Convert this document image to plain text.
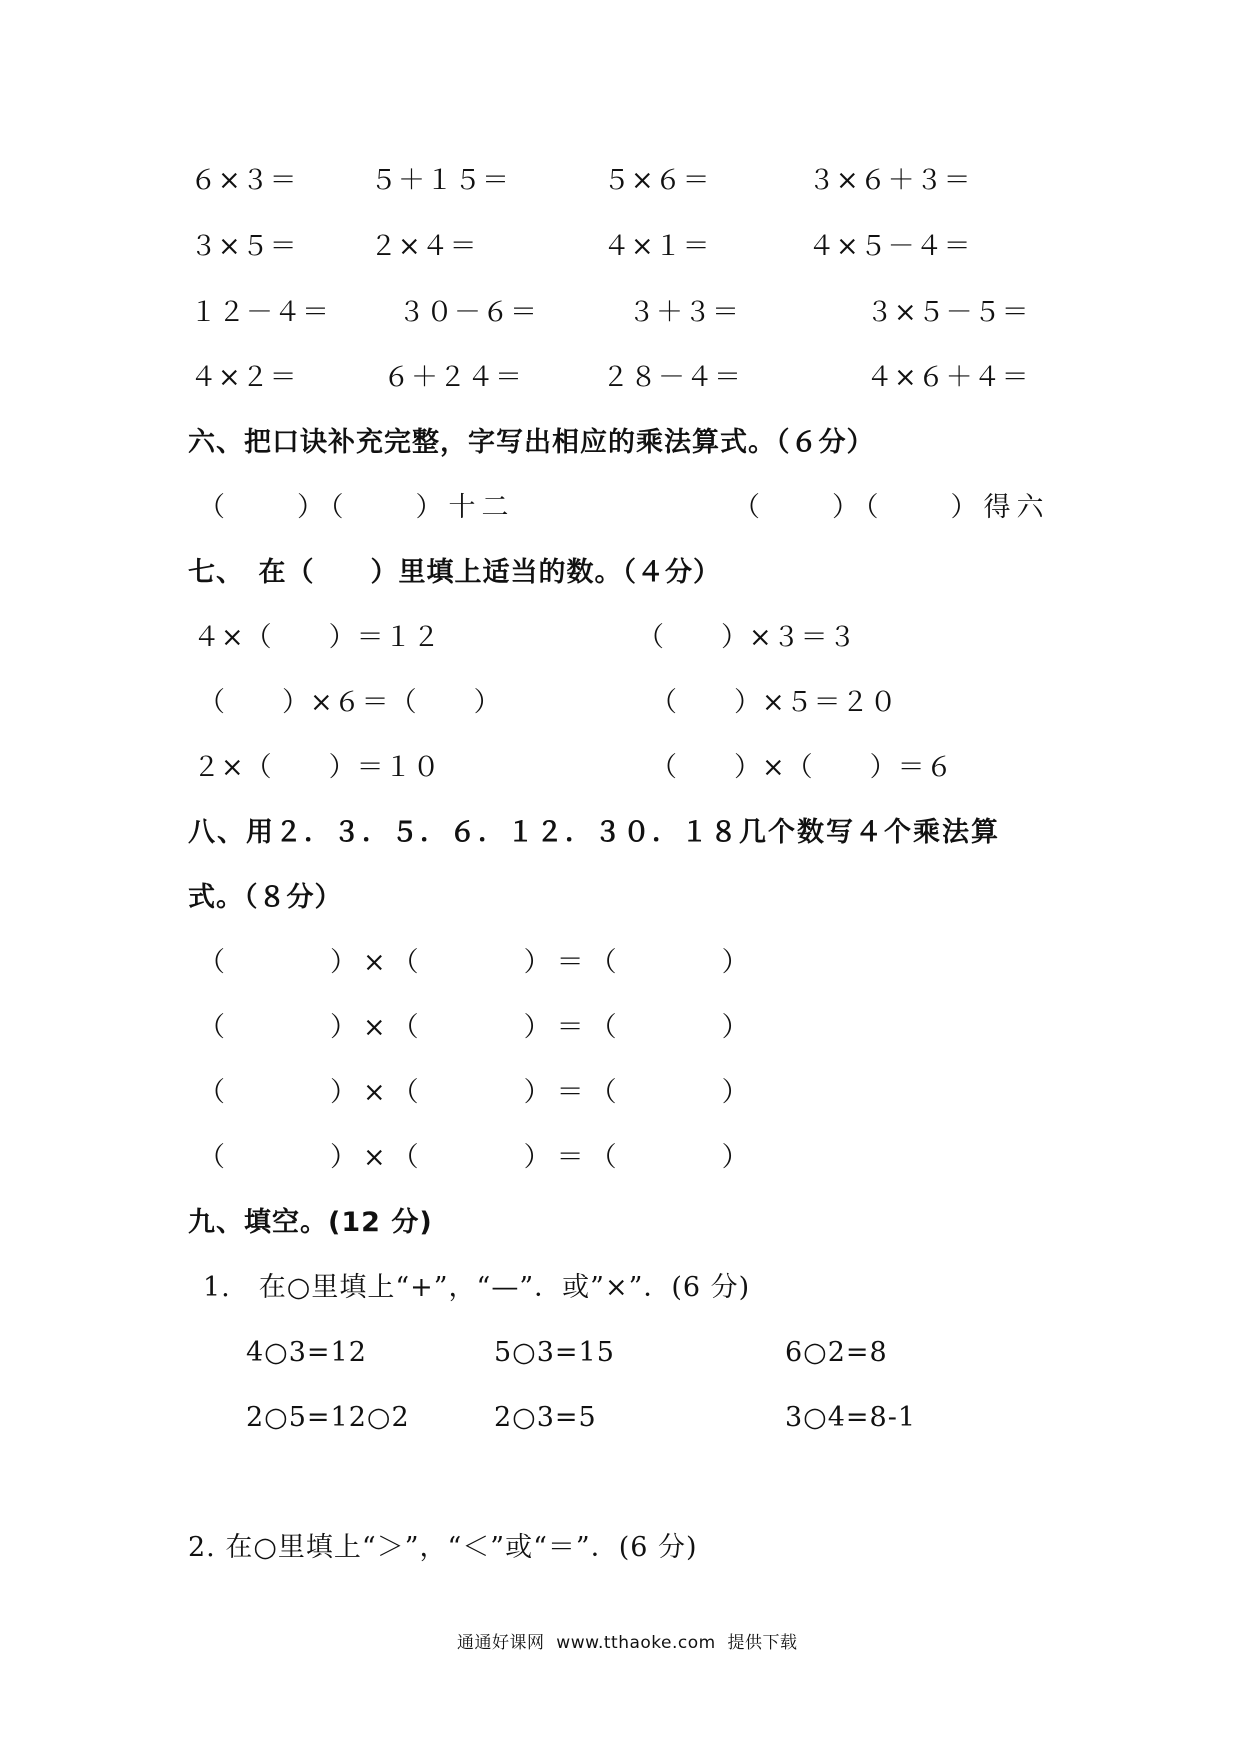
６×３＝	５＋１５＝	５×６＝	３×６＋３＝
３×５＝	２×４＝	４×１＝	４×５－４＝
１２－４＝	３０－６＝	３＋３＝	３×５－５＝
４×２＝	６＋２４＝	２８－４＝	４×６＋４＝
六、把口诀补充完整，字写出相应的乘法算式。（６分）
（　　）（　　）十二	（　　）（　　）得六
七、　在（　　）里填上适当的数。（４分）
４×（　　）＝１２	（　　）×３＝３
（　　）×６＝（　　）	（　　）×５＝２０
２×（　　）＝１０	（　　）×（　　）＝６
八、用２．３．５．６．１２．３０．１８几个数写４个乘法算
式。（８分）
（　　　）×（　　　）＝（　　　）
（　　　）×（　　　）＝（　　　）
（　　　）×（　　　）＝（　　　）
（　　　）×（　　　）＝（　　　）
九、填空。(12 分)
1.　在○里填上“+”，“—”．或”×”．(6 分)
4○3=12	5○3=15	6○2=8
2○5=12○2	2○3=5	3○4=8-1
2. 在○里填上“＞”，“＜”或“＝”．(6 分)
通通好课网  www.tthaoke.com  提供下载
